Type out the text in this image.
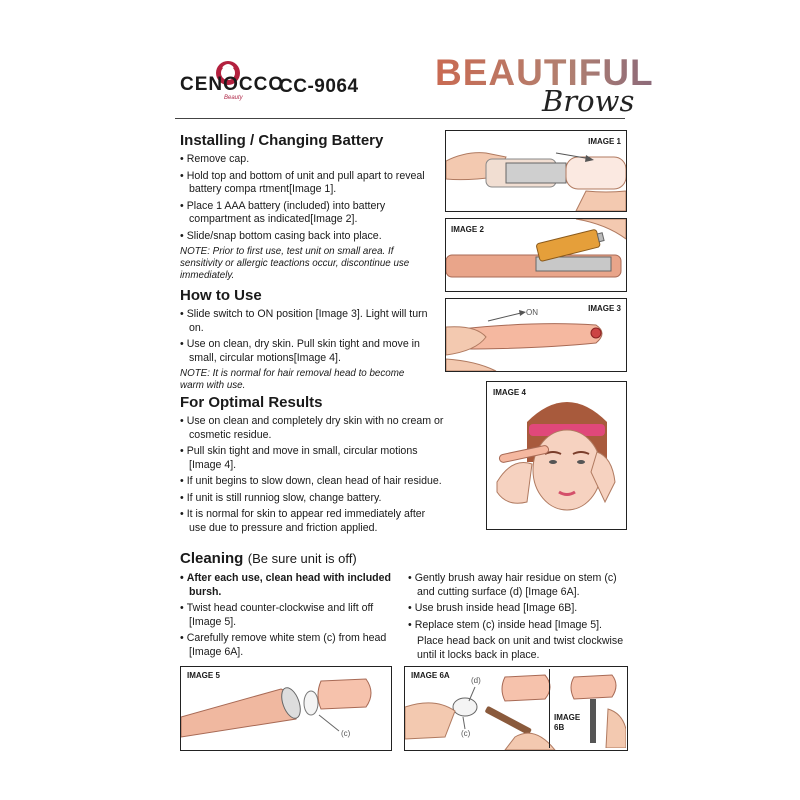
CENOCCO
Beauty
CC-9064 BEAUTIFUL
Brows
Installing / Changing Battery
• Remove cap.
• Hold top and bottom of unit and pull apart to reveal battery compa rtment[Image 1].
• Place 1 AAA battery (included) into battery compartment as indicated[Image 2].
• Slide/snap bottom casing back into place.
NOTE: Prior to first use, test unit on small area. If sensitivity or allergic teactions occur, discontinue use immediately.
How to Use
• Slide switch to ON position [Image 3]. Light will turn on.
• Use on clean, dry skin. Pull skin tight and move in small, circular motions[Image 4].
NOTE: It is normal for hair removal head to become warm with use.
For Optimal Results
• Use on clean and completely dry skin with no cream or cosmetic residue.
• Pull skin tight and move in small, circular motions [Image 4].
• If unit begins to slow down, clean head of hair residue.
• If unit is still runniog slow, change battery.
• It is normal for skin to appear red immediately after use due to pressure and friction applied.
Cleaning (Be sure unit is off)
• After each use, clean head with included bursh.
• Twist head counter-clockwise and lift off [Image 5].
• Carefully remove white stem (c) from head [Image 6A].
• Gently brush away hair residue on stem (c) and cutting surface (d) [Image 6A].
• Use brush inside head [Image 6B].
• Replace stem (c) inside head [Image 5].
Place head back on unit and twist clockwise until it locks back in place.
IMAGE 1
IMAGE 2
IMAGE 3
ON
IMAGE 4
IMAGE 5
(c)
IMAGE 6A
(d)
(c)
IMAGE
6B
